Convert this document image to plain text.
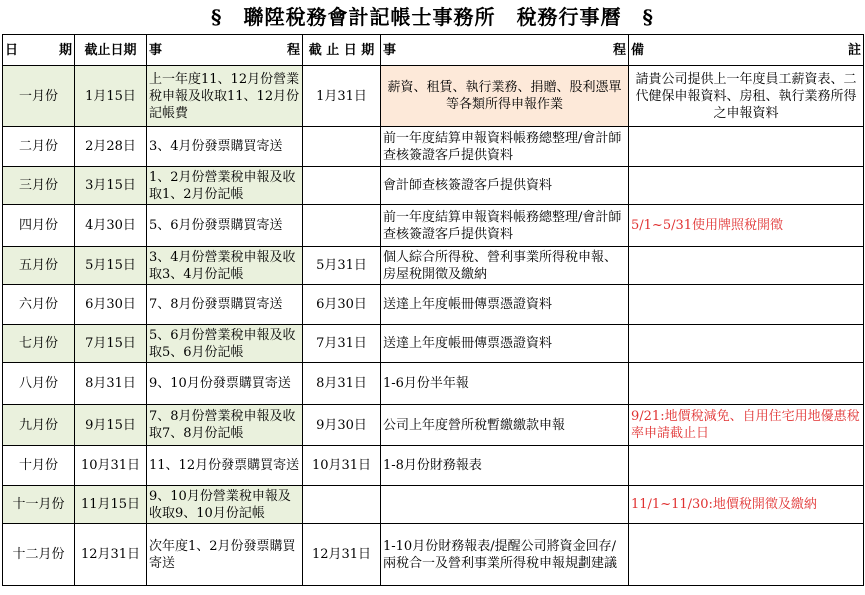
§　聯陞稅務會計記帳士事務所　稅務行事曆　§
日 期	截止日期	事 程	截 止 日 期	事 程	備 註

一月份	1月15日	上一年度11、12月份營業稅申報及收取11、12月份記帳費	1月31日	薪資、租賃、執行業務、捐贈、股利憑單等各類所得申報作業	請貴公司提供上一年度員工薪資表、二代健保申報資料、房租、執行業務所得之申報資料
二月份	2月28日	3、4月份發票購買寄送		前一年度結算申報資料帳務總整理/會計師查核簽證客戶提供資料	
三月份	3月15日	1、2月份營業稅申報及收取1、2月份記帳		會計師查核簽證客戶提供資料	
四月份	4月30日	5、6月份發票購買寄送		前一年度結算申報資料帳務總整理/會計師查核簽證客戶提供資料	5/1~5/31使用牌照稅開徵
五月份	5月15日	3、4月份營業稅申報及收取3、4月份記帳	5月31日	個人綜合所得稅、營利事業所得稅申報、房屋稅開徵及繳納	
六月份	6月30日	7、8月份發票購買寄送	6月30日	送達上年度帳冊傳票憑證資料	
七月份	7月15日	5、6月份營業稅申報及收取5、6月份記帳	7月31日	送達上年度帳冊傳票憑證資料	
八月份	8月31日	9、10月份發票購買寄送	8月31日	1-6月份半年報	
九月份	9月15日	7、8月份營業稅申報及收取7、8月份記帳	9月30日	公司上年度營所稅暫繳繳款申報	9/21:地價稅減免、自用住宅用地優惠稅率申請截止日
十月份	10月31日	11、12月份發票購買寄送	10月31日	1-8月份財務報表	
十一月份	11月15日	9、10月份營業稅申報及收取9、10月份記帳			11/1~11/30:地價稅開徵及繳納
十二月份	12月31日	次年度1、2月份發票購買寄送	12月31日	1-10月份財務報表/提醒公司將資金回存/兩稅合一及營利事業所得稅申報規劃建議	
